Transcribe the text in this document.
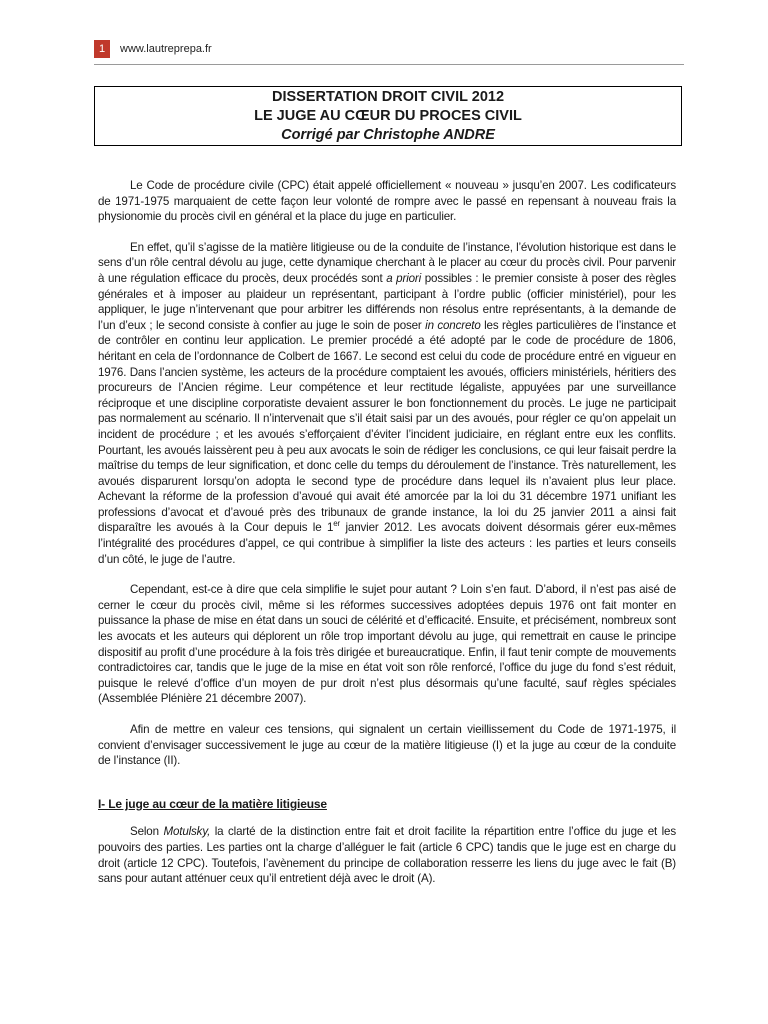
1	www.lautreprepa.fr
DISSERTATION DROIT CIVIL 2012
LE JUGE AU CŒUR DU PROCES CIVIL
Corrigé par Christophe ANDRE

Le Code de procédure civile (CPC) était appelé officiellement « nouveau » jusqu’en 2007. Les codificateurs de 1971-1975 marquaient de cette façon leur volonté de rompre avec le passé en repensant à nouveau frais la physionomie du procès civil en général et la place du juge en particulier.

En effet, qu’il s’agisse de la matière litigieuse ou de la conduite de l’instance, l’évolution historique est dans le sens d’un rôle central dévolu au juge, cette dynamique cherchant à le placer au cœur du procès civil. Pour parvenir à une régulation efficace du procès, deux procédés sont a priori possibles : le premier consiste à poser des règles générales et à imposer au plaideur un représentant, participant à l’ordre public (officier ministériel), pour les appliquer, le juge n’intervenant que pour arbitrer les différends non résolus entre représentants, à la demande de l’un d’eux ; le second consiste à confier au juge le soin de poser in concreto les règles particulières de l’instance et de contrôler en continu leur application. Le premier procédé a été adopté par le code de procédure de 1806, héritant en cela de l’ordonnance de Colbert de 1667. Le second est celui du code de procédure entré en vigueur en 1976. Dans l’ancien système, les acteurs de la procédure comptaient les avoués, officiers ministériels, héritiers des procureurs de l’Ancien régime. Leur compétence et leur rectitude légaliste, appuyées par une surveillance réciproque et une discipline corporatiste devaient assurer le bon fonctionnement du procès. Le juge ne participait pas normalement au scénario. Il n’intervenait que s’il était saisi par un des avoués, pour régler ce qu’on appelait un incident de procédure ; et les avoués s’efforçaient d’éviter l’incident judiciaire, en réglant entre eux les conflits. Pourtant, les avoués laissèrent peu à peu aux avocats le soin de rédiger les conclusions, ce qui leur faisait perdre la maîtrise du temps de leur signification, et donc celle du temps du déroulement de l’instance. Très naturellement, les avoués disparurent lorsqu’on adopta le second type de procédure dans lequel ils n’avaient plus leur place. Achevant la réforme de la profession d’avoué qui avait été amorcée par la loi du 31 décembre 1971 unifiant les professions d’avocat et d’avoué près des tribunaux de grande instance, la loi du 25 janvier 2011 a ainsi fait disparaître les avoués à la Cour depuis le 1er janvier 2012. Les avocats doivent désormais gérer eux-mêmes l’intégralité des procédures d’appel, ce qui contribue à simplifier la liste des acteurs : les parties et leurs conseils d’un côté, le juge de l’autre.

Cependant, est-ce à dire que cela simplifie le sujet pour autant ? Loin s’en faut. D’abord, il n’est pas aisé de cerner le cœur du procès civil, même si les réformes successives adoptées depuis 1976 ont fait monter en puissance la phase de mise en état dans un souci de célérité et d’efficacité. Ensuite, et précisément, nombreux sont les avocats et les auteurs qui déplorent un rôle trop important dévolu au juge, qui remettrait en cause le principe dispositif au profit d’une procédure à la fois très dirigée et bureaucratique. Enfin, il faut tenir compte de mouvements contradictoires car, tandis que le juge de la mise en état voit son rôle renforcé, l’office du juge du fond s’est réduit, puisque le relevé d’office d’un moyen de pur droit n’est plus désormais qu’une faculté, sauf règles spéciales (Assemblée Plénière 21 décembre 2007).

Afin de mettre en valeur ces tensions, qui signalent un certain vieillissement du Code de 1971-1975, il convient d’envisager successivement le juge au cœur de la matière litigieuse (I) et la juge au cœur de la conduite de l’instance (II).

I- Le juge au cœur de la matière litigieuse

Selon Motulsky, la clarté de la distinction entre fait et droit facilite la répartition entre l’office du juge et les pouvoirs des parties. Les parties ont la charge d’alléguer le fait (article 6 CPC) tandis que le juge est en charge du droit (article 12 CPC). Toutefois, l’avènement du principe de collaboration resserre les liens du juge avec le fait (B) sans pour autant atténuer ceux qu’il entretient déjà avec le droit (A).
